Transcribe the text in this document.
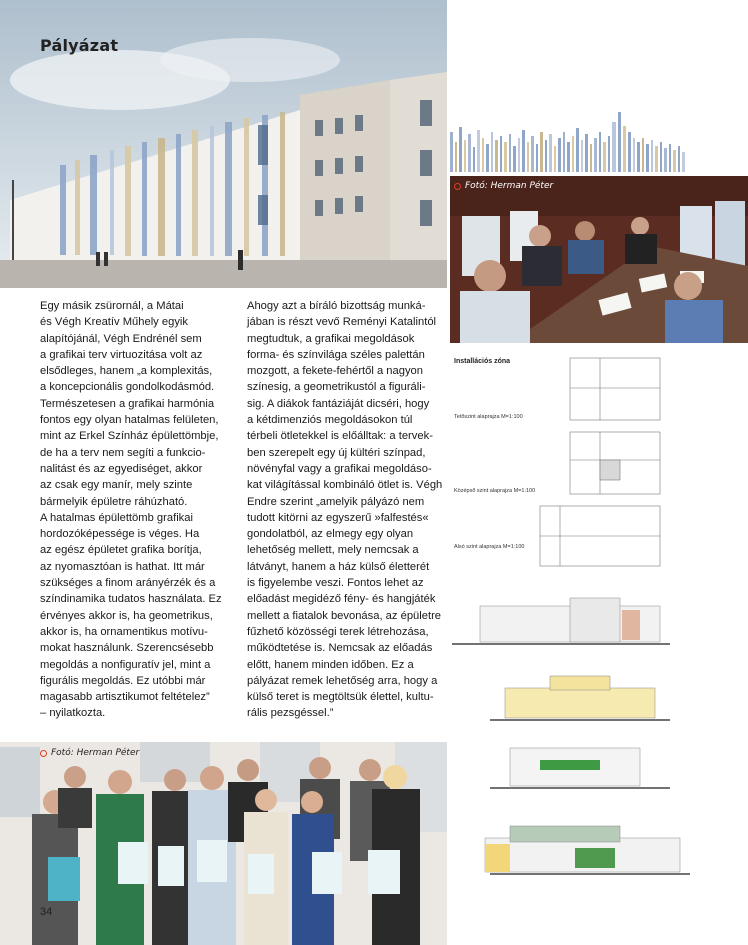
Pályázat
Fotó: Herman Péter

Egy másik zsürornál, a Mátai
és Végh Kreatív Műhely egyik
alapítójánál, Végh Endrénél sem
a grafikai terv virtuozitása volt az
elsődleges, hanem „a komplexitás,
a koncepcionális gondolkodásmód.
Természetesen a grafikai harmónia
fontos egy olyan hatalmas felületen,
mint az Erkel Színház épülettömbje,
de ha a terv nem segíti a funkcio-
nalitást és az egyediséget, akkor
az csak egy manír, mely szinte
bármelyik épületre ráhúzható.
A hatalmas épülettömb grafikai
hordozóképessége is véges. Ha
az egész épületet grafika borítja,
az nyomasztóan is hathat. Itt már
szükséges a finom arányérzék és a
színdinamika tudatos használata. Ez
érvényes akkor is, ha geometrikus,
akkor is, ha ornamentikus motívu-
mokat használunk. Szerencsésebb
megoldás a nonfiguratív jel, mint a
figurális megoldás. Ez utóbbi már
magasabb artisztikumot feltételez”
– nyilatkozta.

Ahogy azt a bíráló bizottság munká-
jában is részt vevő Reményi Katalintól
megtudtuk, a grafikai megoldások
forma- és színvilága széles palettán
mozgott, a fekete-fehértől a nagyon
színesig, a geometrikustól a figuráli-
sig. A diákok fantáziáját dicséri, hogy
a kétdimenziós megoldásokon túl
térbeli ötletekkel is előálltak: a tervek-
ben szerepelt egy új kültéri színpad,
növényfal vagy a grafikai megoldáso-
kat világítással kombináló ötlet is. Végh
Endre szerint „amelyik pályázó nem
tudott kitörni az egyszerű »falfestés«
gondolatból, az elmegy egy olyan
lehetőség mellett, mely nemcsak a
látványt, hanem a ház külső életterét
is figyelembe veszi. Fontos lehet az
előadást megidéző fény- és hangjáték
mellett a fiatalok bevonása, az épületre
fűzhető közösségi terek létrehozása,
működtetése is. Nemcsak az előadás
előtt, hanem minden időben. Ez a
pályázat remek lehetőség arra, hogy a
külső teret is megtöltsük élettel, kultu-
rális pezsgéssel.”

Installációs zóna
Tetőszint alaprajza M=1:100
Középső szint alaprajza M=1:100
Alsó szint alaprajza M=1:100
Fotó: Herman Péter
34
